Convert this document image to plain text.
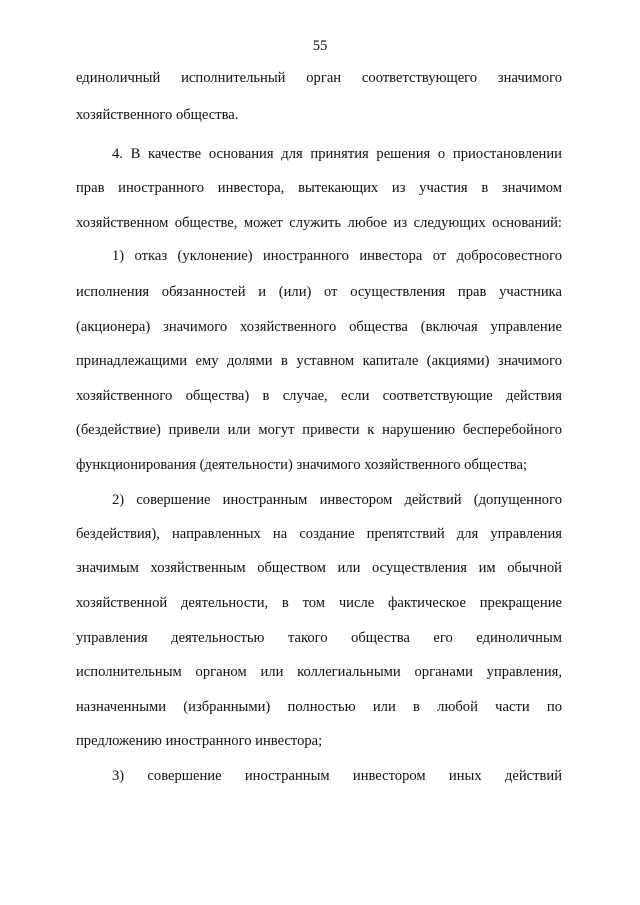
55
единоличный исполнительный орган соответствующего значимого
хозяйственного общества.
4. В качестве основания для принятия решения о приостановлении
прав иностранного инвестора, вытекающих из участия в значимом
хозяйственном обществе, может служить любое из следующих оснований:
1) отказ (уклонение) иностранного инвестора от добросовестного
исполнения обязанностей и (или) от осуществления прав участника
(акционера) значимого хозяйственного общества (включая управление
принадлежащими ему долями в уставном капитале (акциями) значимого
хозяйственного общества) в случае, если соответствующие действия
(бездействие) привели или могут привести к нарушению бесперебойного
функционирования (деятельности) значимого хозяйственного общества;
2) совершение иностранным инвестором действий (допущенного
бездействия), направленных на создание препятствий для управления
значимым хозяйственным обществом или осуществления им обычной
хозяйственной деятельности, в том числе фактическое прекращение
управления деятельностью такого общества его единоличным
исполнительным органом или коллегиальными органами управления,
назначенными (избранными) полностью или в любой части по
предложению иностранного инвестора;
3) совершение иностранным инвестором иных действий
